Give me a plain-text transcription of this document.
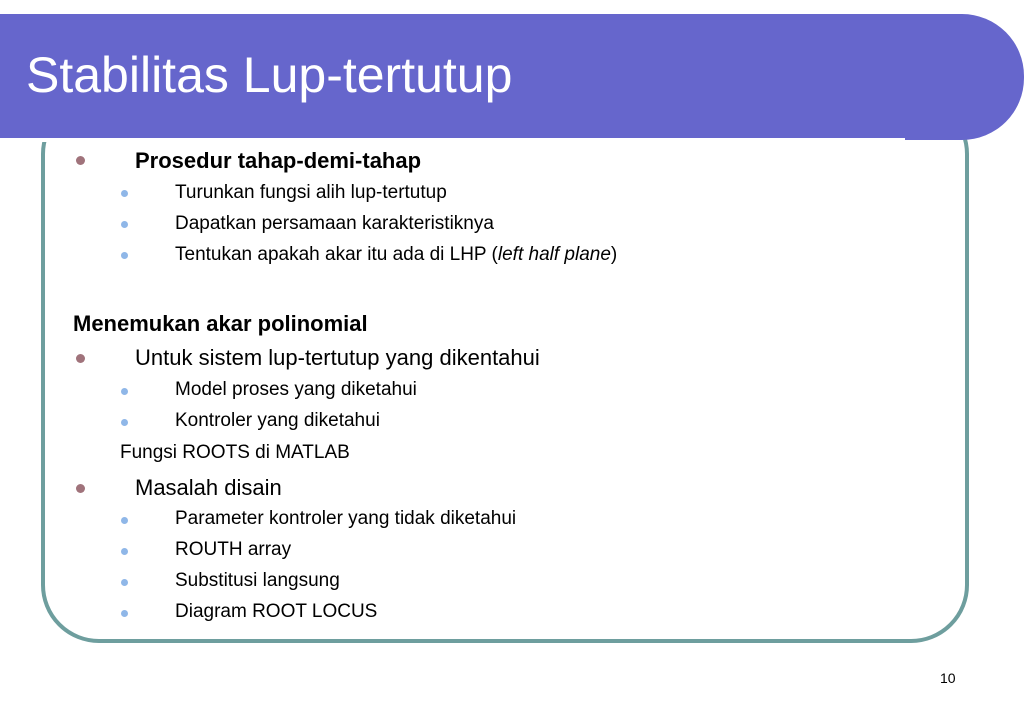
Stabilitas Lup-tertutup
Prosedur tahap-demi-tahap
Turunkan fungsi alih lup-tertutup
Dapatkan persamaan karakteristiknya
Tentukan apakah akar itu ada di LHP (left half plane)
Menemukan akar polinomial
Untuk sistem lup-tertutup yang dikentahui
Model proses yang diketahui
Kontroler yang diketahui
Fungsi ROOTS di MATLAB
Masalah disain
Parameter kontroler yang tidak diketahui
ROUTH array
Substitusi langsung
Diagram ROOT LOCUS
10
